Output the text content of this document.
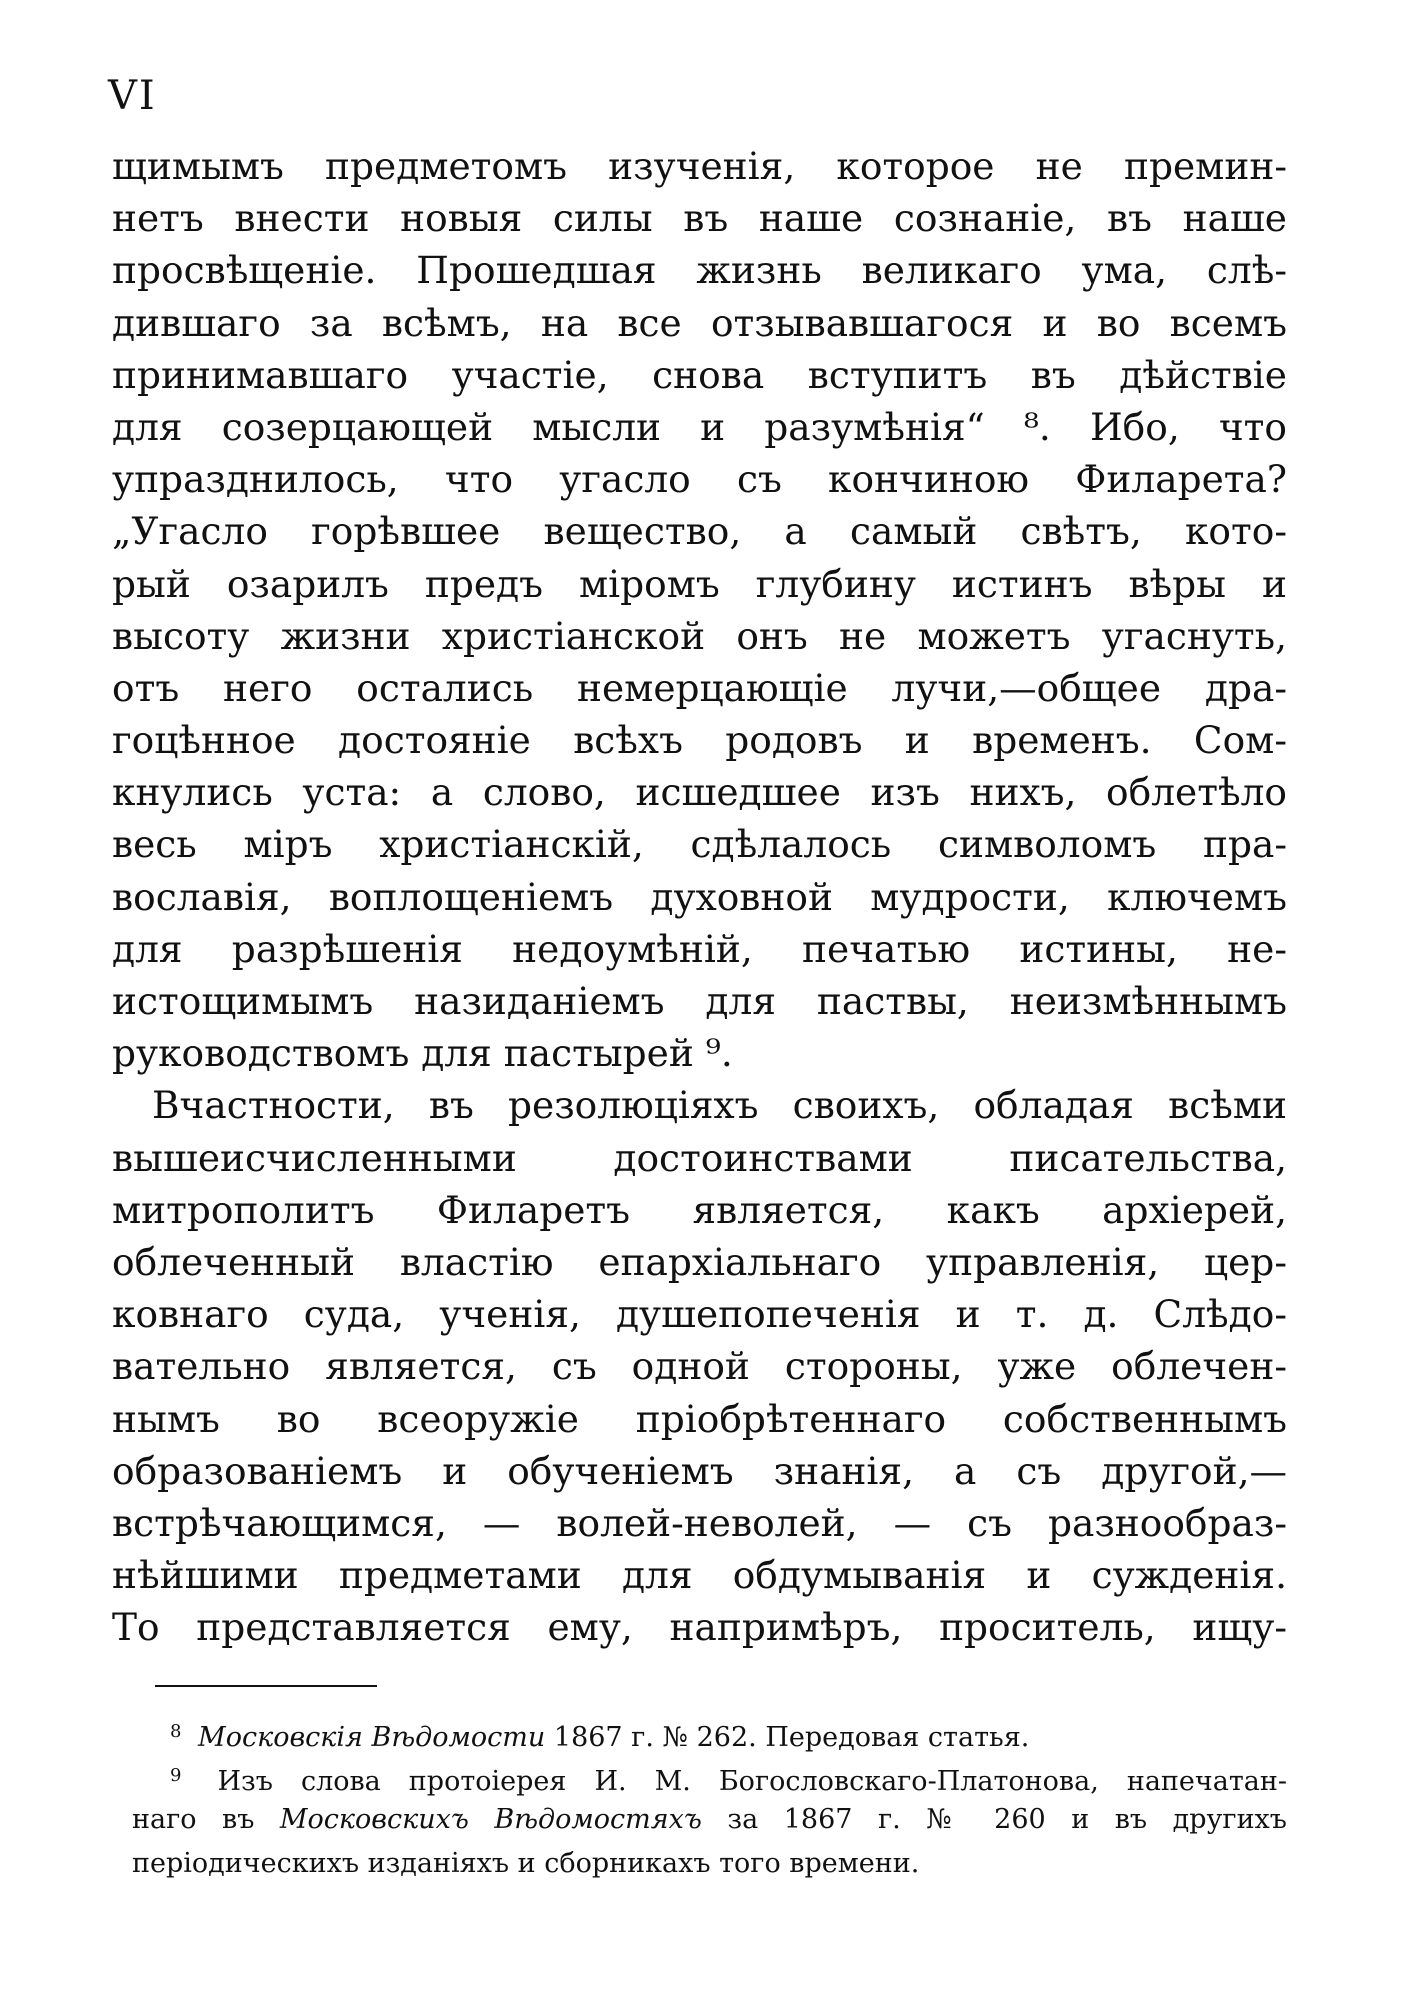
VI
щимымъ предметомъ изученія, которое не премин-
нетъ внести новыя силы въ наше сознаніе, въ наше
просвѣщеніе. Прошедшая жизнь великаго ума, слѣ-
дившаго за всѣмъ, на все отзывавшагося и во всемъ
принимавшаго участіе, снова вступитъ въ дѣйствіе
для созерцающей мысли и разумѣнія“ ⁸. Ибо, что
упразднилось, что угасло съ кончиною Филарета?
„Угасло горѣвшее вещество, а самый свѣтъ, кото-
рый озарилъ предъ міромъ глубину истинъ вѣры и
высоту жизни христіанской онъ не можетъ угаснуть,
отъ него остались немерцающіе лучи,—общее дра-
гоцѣнное достояніе всѣхъ родовъ и временъ. Сом-
кнулись уста: а слово, исшедшее изъ нихъ, облетѣло
весь міръ христіанскій, сдѣлалось символомъ пра-
вославія, воплощеніемъ духовной мудрости, ключемъ
для разрѣшенія недоумѣній, печатью истины, не-
истощимымъ назиданіемъ для паствы, неизмѣннымъ
руководствомъ для пастырей ⁹.
Вчастности, въ резолюціяхъ своихъ, обладая всѣми
вышеисчисленными достоинствами писательства,
митрополитъ Филаретъ является, какъ архіерей,
облеченный властію епархіальнаго управленія, цер-
ковнаго суда, ученія, душепопеченія и т. д. Слѣдо-
вательно является, съ одной стороны, уже облечен-
нымъ во всеоружіе пріобрѣтеннаго собственнымъ
образованіемъ и обученіемъ знанія, а съ другой,—
встрѣчающимся, — волей-неволей, — съ разнообраз-
нѣйшими предметами для обдумыванія и сужденія.
То представляется ему, напримѣръ, проситель, ищу-
$^8$ Московскія Вѣдомости 1867 г. № 262. Передовая статья.
$^9$ Изъ слова протоіерея И. М. Богословскаго-Платонова, напечатан-
наго въ Московскихъ Вѣдомостяхъ за 1867 г. № 260 и въ другихъ
періодическихъ изданіяхъ и сборникахъ того времени.
